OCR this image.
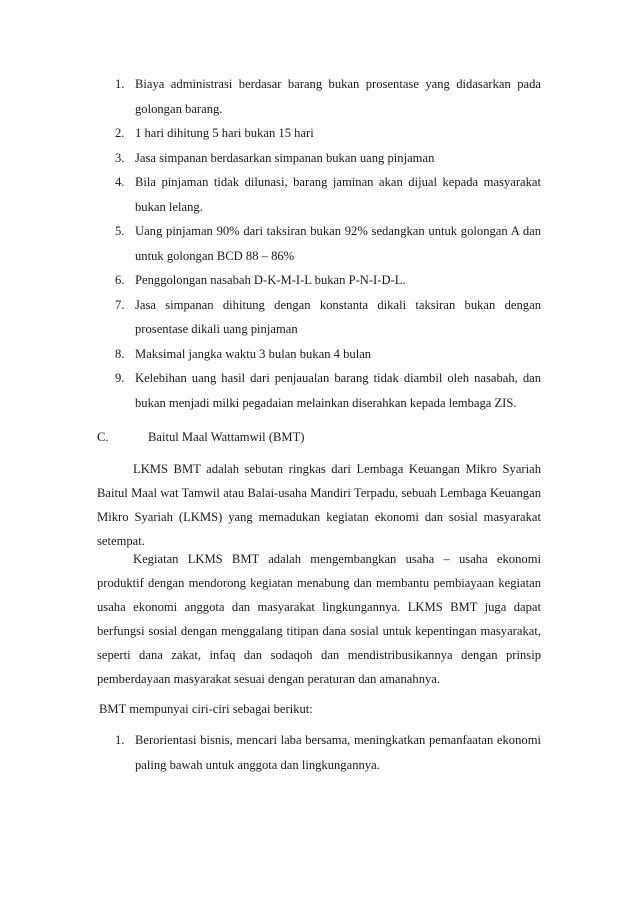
1. Biaya administrasi berdasar barang bukan prosentase yang didasarkan pada golongan barang.
2. 1 hari dihitung 5 hari bukan 15 hari
3. Jasa simpanan berdasarkan simpanan bukan uang pinjaman
4. Bila pinjaman tidak dilunasi, barang jaminan akan dijual kepada masyarakat bukan lelang.
5. Uang pinjaman 90% dari taksiran bukan 92% sedangkan untuk golongan A dan untuk golongan BCD 88 – 86%
6. Penggolongan nasabah D-K-M-I-L bukan P-N-I-D-L.
7. Jasa simpanan dihitung dengan konstanta dikali taksiran bukan dengan prosentase dikali uang pinjaman
8. Maksimal jangka waktu 3 bulan bukan 4 bulan
9. Kelebihan uang hasil dari penjaualan barang tidak diambil oleh nasabah, dan bukan menjadi milki pegadaian melainkan diserahkan kepada lembaga ZIS.
C.	Baitul Maal Wattamwil (BMT)

LKMS BMT adalah sebutan ringkas dari Lembaga Keuangan Mikro Syariah Baitul Maal wat Tamwil atau Balai-usaha Mandiri Terpadu, sebuah Lembaga Keuangan Mikro Syariah (LKMS) yang memadukan kegiatan ekonomi dan sosial masyarakat setempat.

Kegiatan LKMS BMT adalah mengembangkan usaha – usaha ekonomi produktif dengan mendorong kegiatan menabung dan membantu pembiayaan kegiatan usaha ekonomi anggota dan masyarakat lingkungannya. LKMS BMT juga dapat berfungsi sosial dengan menggalang titipan dana sosial untuk kepentingan masyarakat, seperti dana zakat, infaq dan sodaqoh dan mendistribusikannya dengan prinsip pemberdayaan masyarakat sesuai dengan peraturan dan amanahnya.

BMT mempunyai ciri-ciri sebagai berikut:

1. Berorientasi bisnis, mencari laba bersama, meningkatkan pemanfaatan ekonomi paling bawah untuk anggota dan lingkungannya.
